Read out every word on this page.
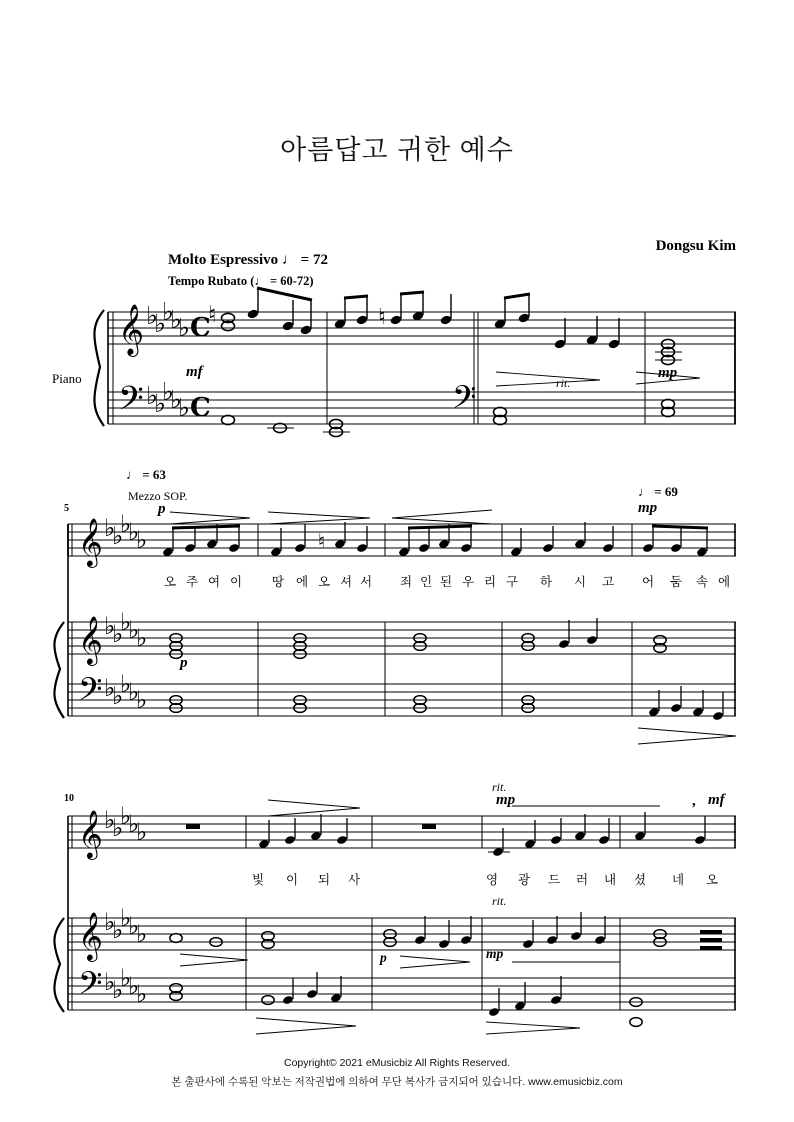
아름답고 귀한 예수
Dongsu Kim
Molto Espressivo ♩ = 72
Tempo Rubato (♩ = 60-72)
Piano
𝄞
𝄢
♭
♭
♭
♭
♭
♭
♭
♭
♭
♭
C
C
♮	♮
𝄢
𝄞
𝄞
𝄢
♭
♭
♭
♭
♭
♭
♭
♭
♭
♭
♭
♭
♭
♭
♭
♮
𝄞
𝄞
𝄢
♭
♭
♭
♭
♭
♭
♭
♭
♭
♭
♭
♭
♭
♭
♭
mf	mp
rit.
♩ = 63
♩ = 69
Mezzo SOP.
5	p	mp
p
10
rit.
mp	mf
,
rit.
p	mp
오 주 여 이 땅 에 오 셔 서 죄 인 된 우 리 구 하 시 고 어 둠 속 에
빛 이 되 사	영 광 드 러 내 셨 네 오
Copyright© 2021 eMusicbiz All Rights Reserved.
본 출판사에 수록된 악보는 저작권법에 의하여 무단 복사가 금지되어 있습니다. www.emusicbiz.com
